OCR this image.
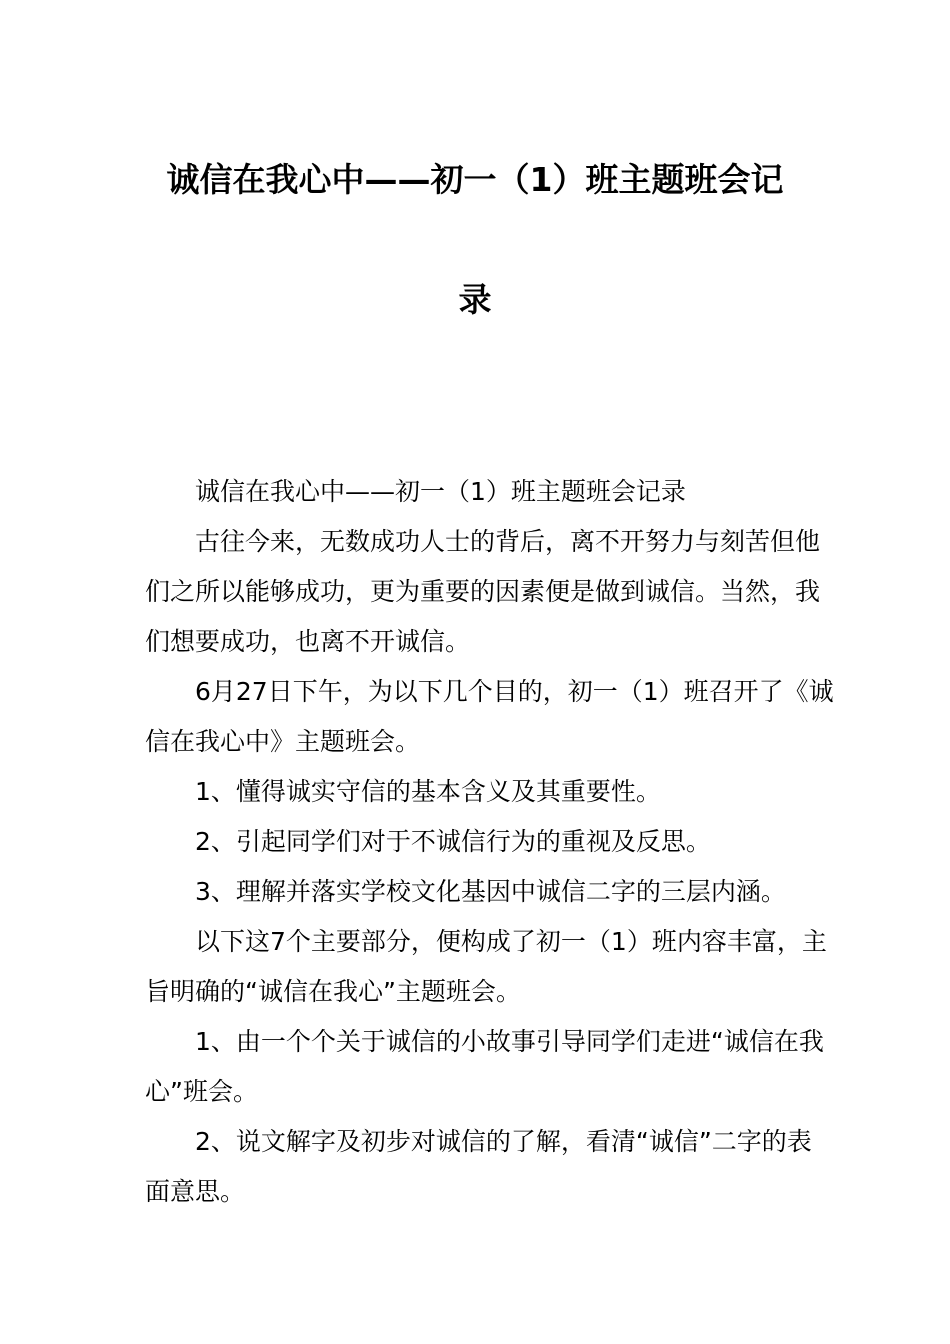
诚信在我心中——初一（1）班主题班会记
录

诚信在我心中——初一（1）班主题班会记录

古往今来，无数成功人士的背后，离不开努力与刻苦但他们之所以能够成功，更为重要的因素便是做到诚信。当然，我们想要成功，也离不开诚信。

6月27日下午，为以下几个目的，初一（1）班召开了《诚信在我心中》主题班会。

1、懂得诚实守信的基本含义及其重要性。

2、引起同学们对于不诚信行为的重视及反思。

3、理解并落实学校文化基因中诚信二字的三层内涵。

以下这7个主要部分，便构成了初一（1）班内容丰富，主旨明确的“诚信在我心”主题班会。

1、由一个个关于诚信的小故事引导同学们走进“诚信在我心”班会。

2、说文解字及初步对诚信的了解，看清“诚信”二字的表面意思。
